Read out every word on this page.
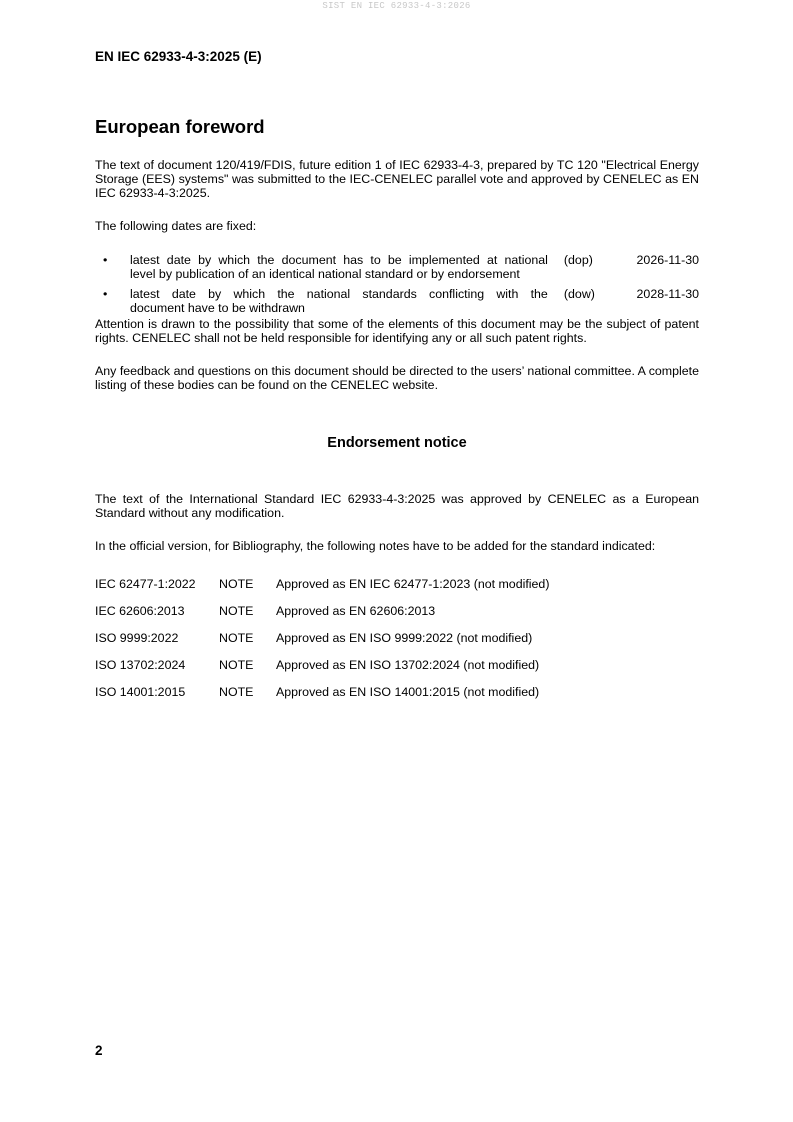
SIST EN IEC 62933-4-3:2026
EN IEC 62933-4-3:2025 (E)
European foreword

The text of document 120/419/FDIS, future edition 1 of IEC 62933-4-3, prepared by TC 120 "Electrical Energy Storage (EES) systems" was submitted to the IEC-CENELEC parallel vote and approved by CENELEC as EN IEC 62933-4-3:2025.

The following dates are fixed:

• latest date by which the document has to be implemented at national
level by publication of an identical national standard or by endorsement
(dop)	2026-11-30
• latest date by which the national standards conflicting with the
document have to be withdrawn
(dow)	2028-11-30

Attention is drawn to the possibility that some of the elements of this document may be the subject of patent rights. CENELEC shall not be held responsible for identifying any or all such patent rights.

Any feedback and questions on this document should be directed to the users’ national committee. A complete listing of these bodies can be found on the CENELEC website.

Endorsement notice

The text of the International Standard IEC 62933-4-3:2025 was approved by CENELEC as a European Standard without any modification.

In the official version, for Bibliography, the following notes have to be added for the standard indicated:

IEC 62477-1:2022	NOTE	Approved as EN IEC 62477-1:2023 (not modified)
IEC 62606:2013	NOTE	Approved as EN 62606:2013
ISO 9999:2022	NOTE	Approved as EN ISO 9999:2022 (not modified)
ISO 13702:2024	NOTE	Approved as EN ISO 13702:2024 (not modified)
ISO 14001:2015	NOTE	Approved as EN ISO 14001:2015 (not modified)
2
